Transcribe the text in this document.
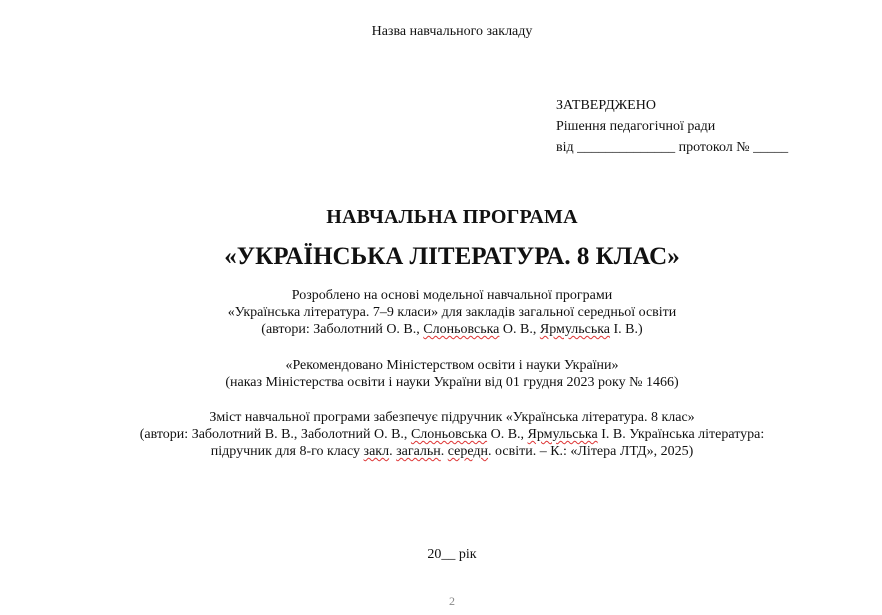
Назва навчального закладу
ЗАТВЕРДЖЕНО
Рішення педагогічної ради
від ______________ протокол № _____
НАВЧАЛЬНА ПРОГРАМА
«УКРАЇНСЬКА ЛІТЕРАТУРА. 8 КЛАС»
Розроблено на основі модельної навчальної програми
«Українська література. 7–9 класи» для закладів загальної середньої освіти
(автори: Заболотний О. В., Слоньовська О. В., Ярмульська І. В.)
«Рекомендовано Міністерством освіти і науки України»
(наказ Міністерства освіти і науки України від 01 грудня 2023 року № 1466)
Зміст навчальної програми забезпечує підручник «Українська література. 8 клас»
(автори: Заболотний В. В., Заболотний О. В., Слоньовська О. В., Ярмульська І. В. Українська література:
підручник для 8-го класу закл. загальн. середн. освіти. – К.: «Літера ЛТД», 2025)
20__ рік
2
